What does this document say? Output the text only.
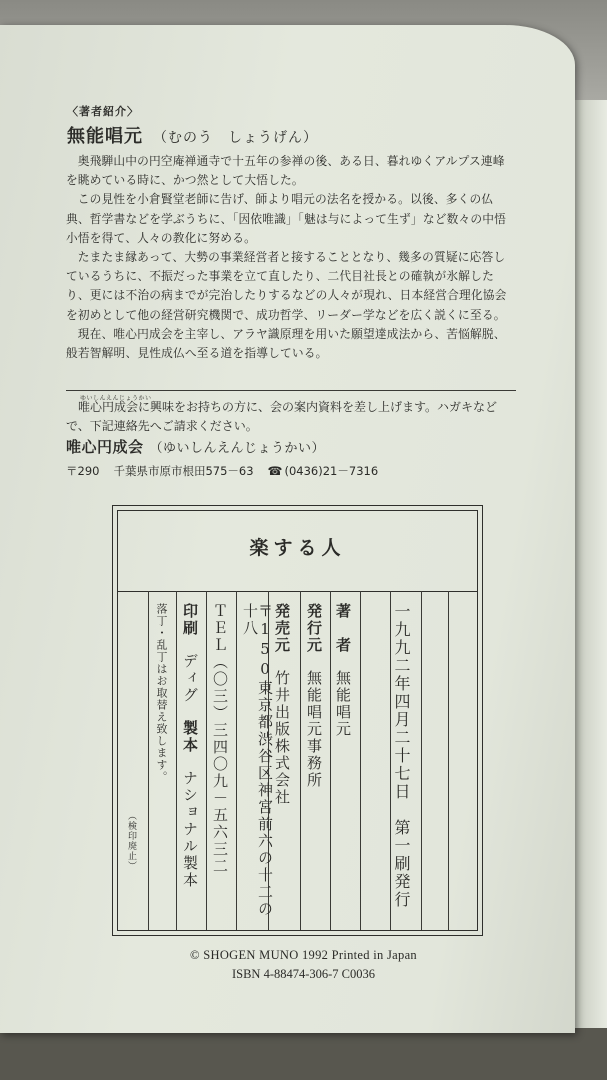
〈著者紹介〉
無能唱元 （むのう　しょうげん）

奥飛騨山中の円空庵禅通寺で十五年の参禅の後、ある日、暮れゆくアルプス連峰を眺めている時に、かつ然として大悟した。

この見性を小倉賢堂老師に告げ、師より唱元の法名を授かる。以後、多くの仏典、哲学書などを学ぶうちに、「因依唯識」「魅は与によって生ず」など数々の中悟小悟を得て、人々の教化に努める。

たまたま縁あって、大勢の事業経営者と接することとなり、幾多の質疑に応答しているうちに、不振だった事業を立て直したり、二代目社長との確執が氷解したり、更には不治の病までが完治したりするなどの人々が現れ、日本経営合理化協会を初めとして他の経営研究機関で、成功哲学、リーダー学などを広く説くに至る。

現在、唯心円成会を主宰し、アラヤ識原理を用いた願望達成法から、苦悩解脱、般若智解明、見性成仏へ至る道を指導している。

ゆいしんえんじょうかい

唯心円成会に興味をお持ちの方に、会の案内資料を差し上げます。ハガキなどで、下記連絡先へご請求ください。

唯心円成会 （ゆいしんえんじょうかい）
〒290 千葉県市原市根田575－63 ☎ (0436)21－7316
楽する人
一九九二年四月二十七日　第一刷発行
著　者
無能唱元
発行元
無能唱元事務所
発売元
竹井出版株式会社
〒150東京都渋谷区神宮前六の十二の十八
ＴＥＬ（〇三）三四〇九－五六三二
印刷
ディグ
製本
ナショナル製本
落丁・乱丁はお取替え致します。
（検印廃止）
© SHOGEN MUNO 1992 Printed in Japan
ISBN 4-88474-306-7 C0036
